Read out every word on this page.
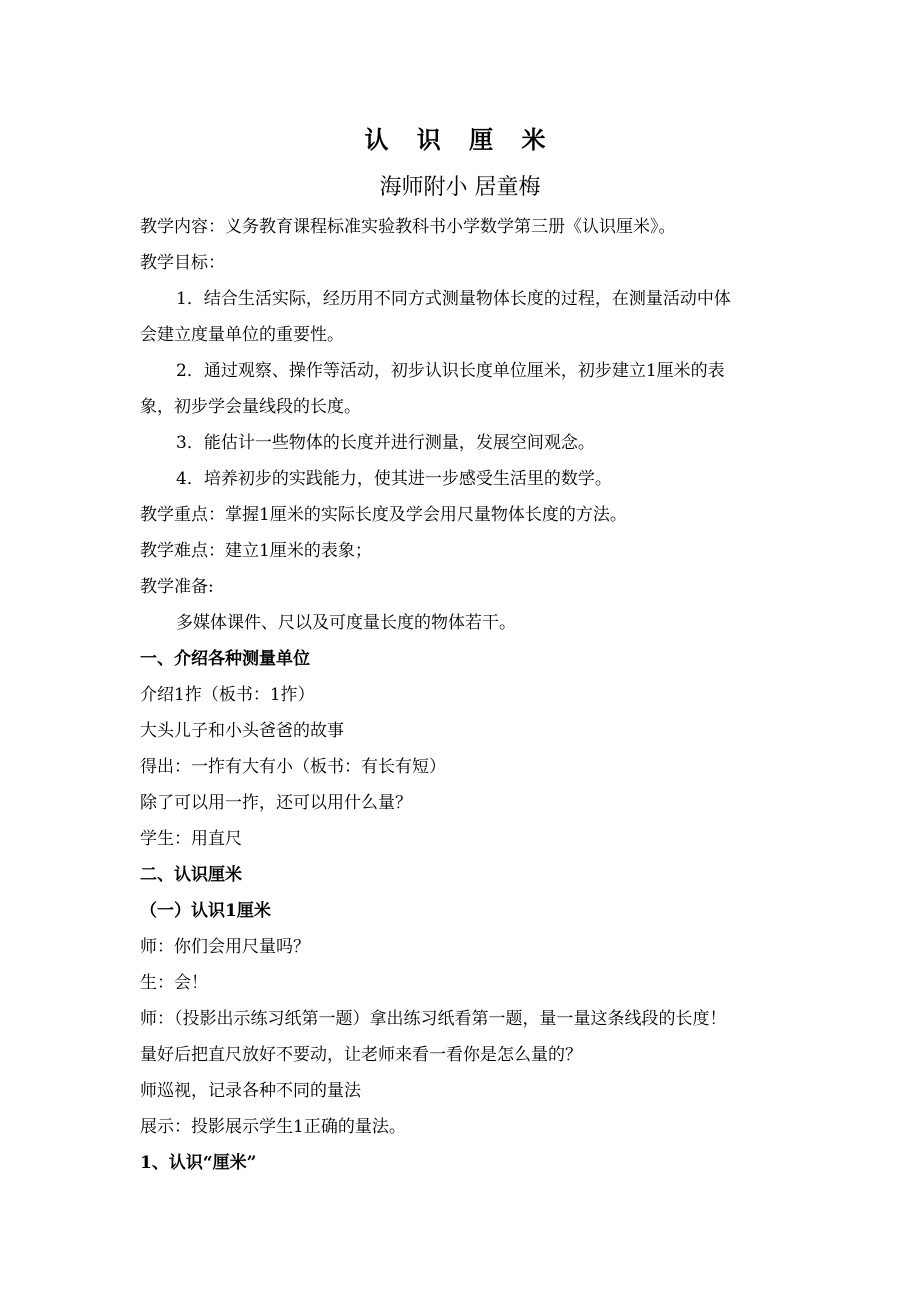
认 识 厘 米
海师附小 居童梅
教学内容：义务教育课程标准实验教科书小学数学第三册《认识厘米》。
教学目标：
1．结合生活实际，经历用不同方式测量物体长度的过程，在测量活动中体
会建立度量单位的重要性。
2．通过观察、操作等活动，初步认识长度单位厘米，初步建立1厘米的表
象，初步学会量线段的长度。
3．能估计一些物体的长度并进行测量，发展空间观念。
4．培养初步的实践能力，使其进一步感受生活里的数学。
教学重点：掌握1厘米的实际长度及学会用尺量物体长度的方法。
教学难点：建立1厘米的表象；
教学准备:
多媒体课件、尺以及可度量长度的物体若干。
一、介绍各种测量单位
介绍1拃（板书：1拃）
大头儿子和小头爸爸的故事
得出：一拃有大有小（板书：有长有短）
除了可以用一拃，还可以用什么量？
学生：用直尺
二、认识厘米
（一）认识1厘米
师：你们会用尺量吗？
生：会！
师：（投影出示练习纸第一题）拿出练习纸看第一题，量一量这条线段的长度！
量好后把直尺放好不要动，让老师来看一看你是怎么量的？
师巡视，记录各种不同的量法
展示：投影展示学生1正确的量法。
1、认识“厘米”
